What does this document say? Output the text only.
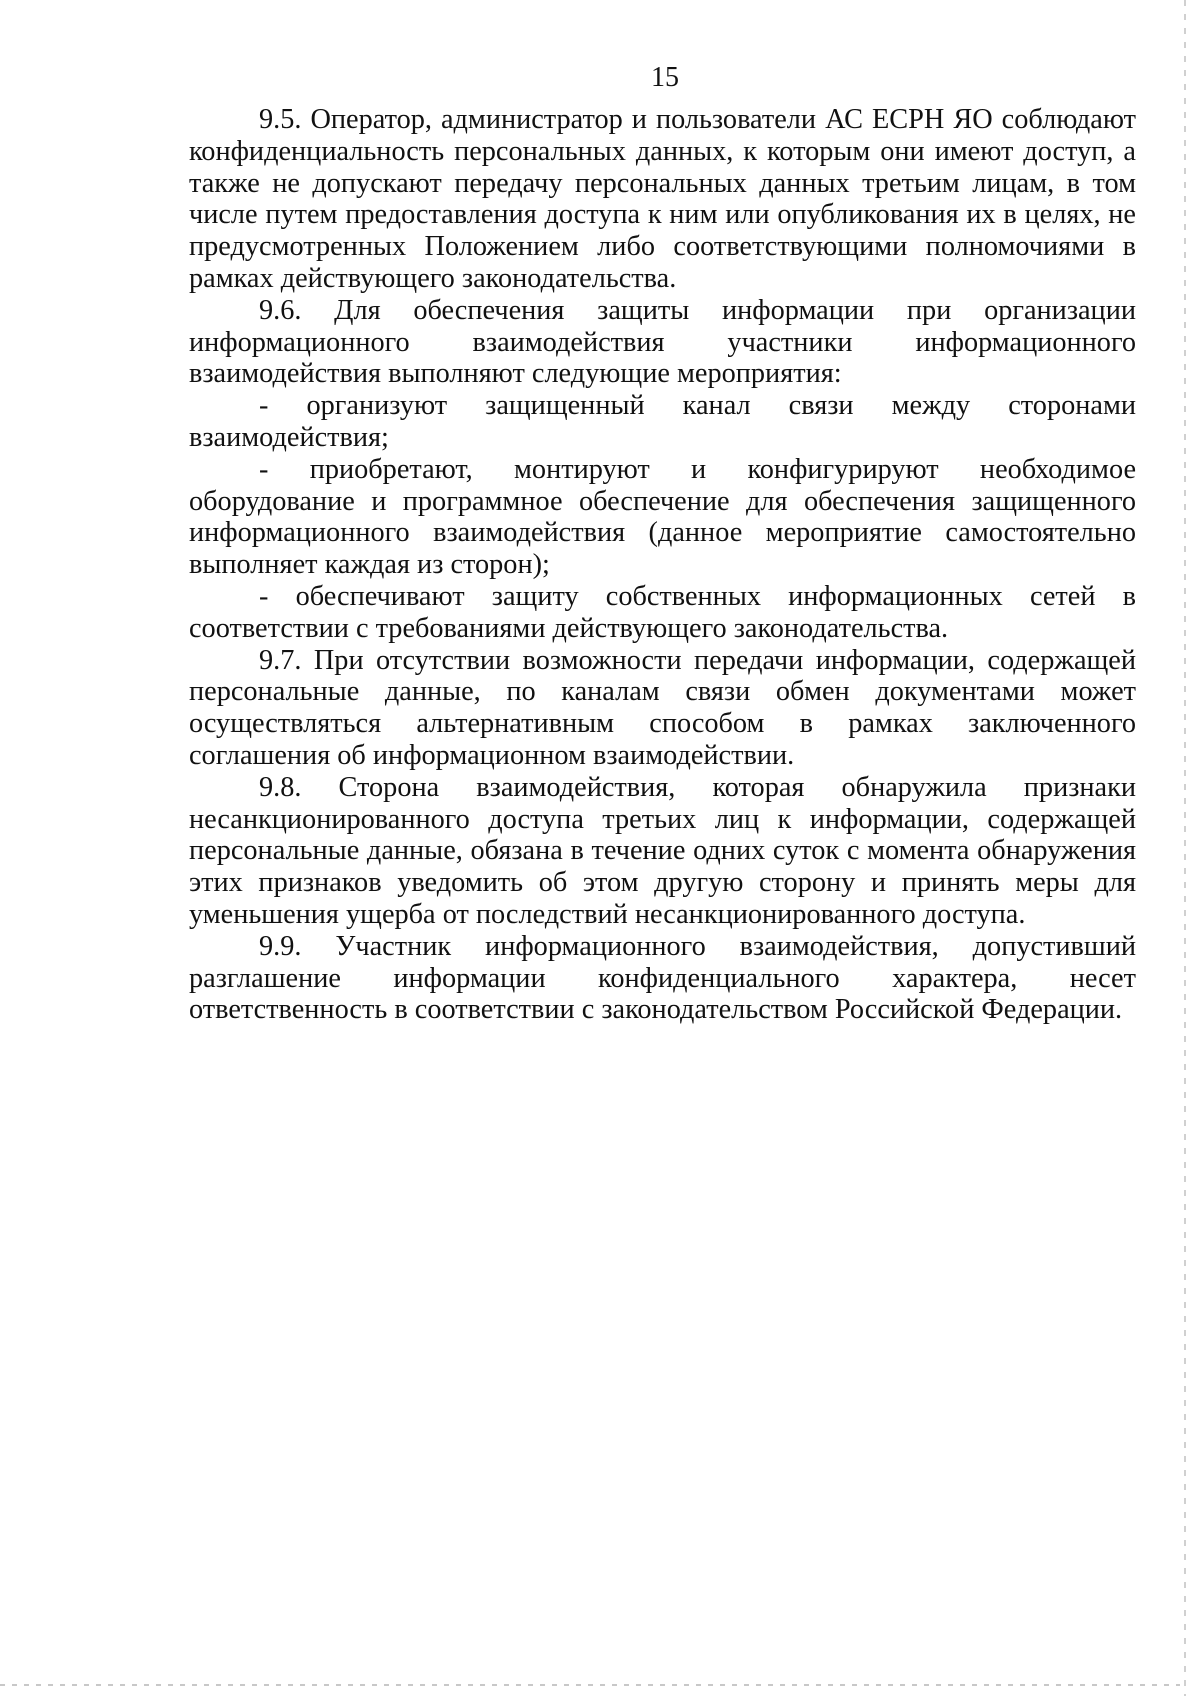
15

9.5. Оператор, администратор и пользователи АС ЕСРН ЯО соблюдают конфиденциальность персональных данных, к которым они имеют доступ, а также не допускают передачу персональных данных третьим лицам, в том числе путем предоставления доступа к ним или опубликования их в целях, не предусмотренных Положением либо соответствующими полномочиями в рамках действующего законодательства.

9.6. Для обеспечения защиты информации при организации информационного взаимодействия участники информационного взаимодействия выполняют следующие мероприятия:

- организуют защищенный канал связи между сторонами взаимодействия;

- приобретают, монтируют и конфигурируют необходимое оборудование и программное обеспечение для обеспечения защищенного информационного взаимодействия (данное мероприятие самостоятельно выполняет каждая из сторон);

- обеспечивают защиту собственных информационных сетей в соответствии с требованиями действующего законодательства.

9.7. При отсутствии возможности передачи информации, содержащей персональные данные, по каналам связи обмен документами может осуществляться альтернативным способом в рамках заключенного соглашения об информационном взаимодействии.

9.8. Сторона взаимодействия, которая обнаружила признаки несанкционированного доступа третьих лиц к информации, содержащей персональные данные, обязана в течение одних суток с момента обнаружения этих признаков уведомить об этом другую сторону и принять меры для уменьшения ущерба от последствий несанкционированного доступа.

9.9. Участник информационного взаимодействия, допустивший разглашение информации конфиденциального характера, несет ответственность в соответствии с законодательством Российской Федерации.
